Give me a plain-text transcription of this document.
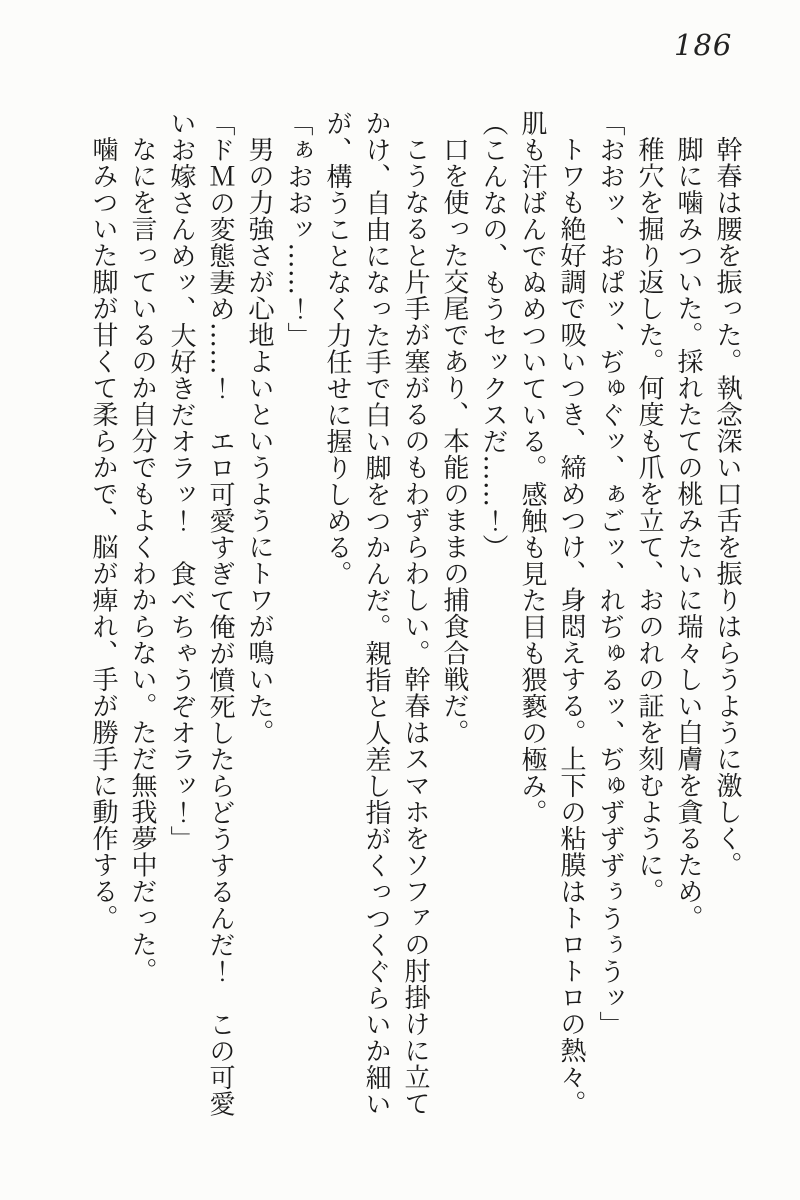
186
幹春は腰を振った。執念深い口舌を振りはらうように激しく。
脚に噛みついた。採れたての桃みたいに瑞々しい白膚を貪るため。
稚穴を掘り返した。何度も爪を立て、おのれの証を刻むように。
「おおッ、おぱッ、ぢゅぐッ、ぁごッ、れぢゅるッ、ぢゅずずずぅうぅうッ」
トワも絶好調で吸いつき、締めつけ、身悶えする。上下の粘膜はトロトロの熱々。
肌も汗ばんでぬめついている。感触も見た目も猥褻の極み。
（こんなの、もうセックスだ……！）
口を使った交尾であり、本能のままの捕食合戦だ。
こうなると片手が塞がるのもわずらわしい。幹春はスマホをソファの肘掛けに立て
かけ、自由になった手で白い脚をつかんだ。親指と人差し指がくっつくぐらいか細い
が、構うことなく力任せに握りしめる。
「ぁおおッ……！」
男の力強さが心地よいというようにトワが鳴いた。
「ドＭの変態妻め……！　エロ可愛すぎて俺が憤死したらどうするんだ！　この可愛
いお嫁さんめッ、大好きだオラッ！　食べちゃうぞオラッ！」
なにを言っているのか自分でもよくわからない。ただ無我夢中だった。
噛みついた脚が甘くて柔らかで、脳が痺れ、手が勝手に動作する。
